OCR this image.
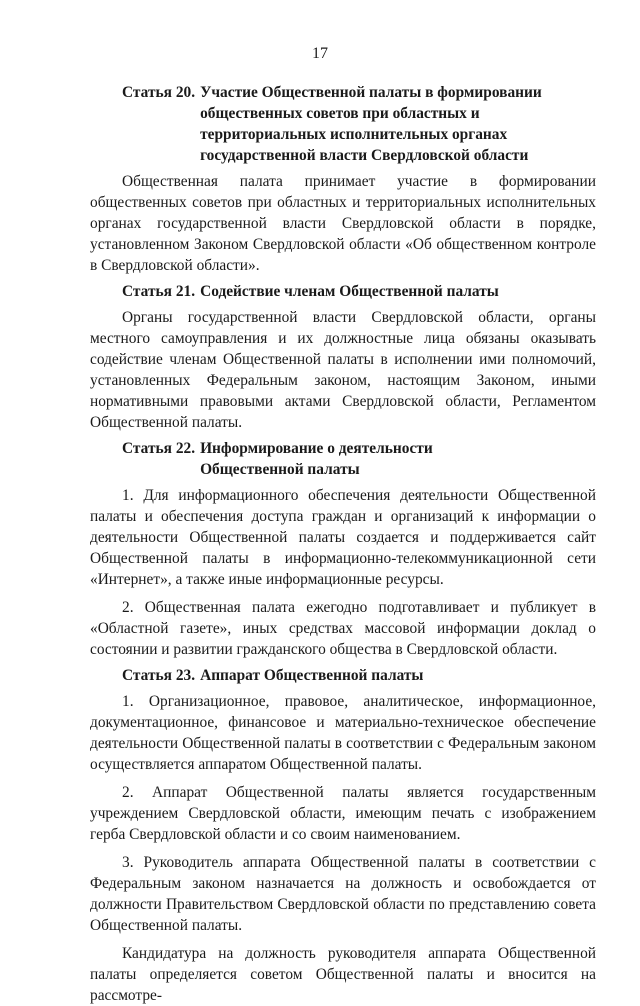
17
Статья 20. Участие Общественной палаты в формировании
общественных советов при областных и
территориальных исполнительных органах
государственной власти Свердловской области

Общественная палата принимает участие в формировании общественных советов при областных и территориальных исполнительных органах государственной власти Свердловской области в порядке, установленном Законом Свердловской области «Об общественном контроле в Свердловской области».

Статья 21. Содействие членам Общественной палаты

Органы государственной власти Свердловской области, органы местного самоуправления и их должностные лица обязаны оказывать содействие членам Общественной палаты в исполнении ими полномочий, установленных Федеральным законом, настоящим Законом, иными нормативными правовыми актами Свердловской области, Регламентом Общественной палаты.

Статья 22. Информирование о деятельности
Общественной палаты

1. Для информационного обеспечения деятельности Общественной палаты и обеспечения доступа граждан и организаций к информации о деятельности Общественной палаты создается и поддерживается сайт Общественной палаты в информационно-телекоммуникационной сети «Интернет», а также иные информационные ресурсы.

2. Общественная палата ежегодно подготавливает и публикует в «Областной газете», иных средствах массовой информации доклад о состоянии и развитии гражданского общества в Свердловской области.

Статья 23. Аппарат Общественной палаты

1. Организационное, правовое, аналитическое, информационное, документационное, финансовое и материально-техническое обеспечение деятельности Общественной палаты в соответствии с Федеральным законом осуществляется аппаратом Общественной палаты.

2. Аппарат Общественной палаты является государственным учреждением Свердловской области, имеющим печать с изображением герба Свердловской области и со своим наименованием.

3. Руководитель аппарата Общественной палаты в соответствии с Федеральным законом назначается на должность и освобождается от должности Правительством Свердловской области по представлению совета Общественной палаты.

Кандидатура на должность руководителя аппарата Общественной палаты определяется советом Общественной палаты и вносится на рассмотре-
